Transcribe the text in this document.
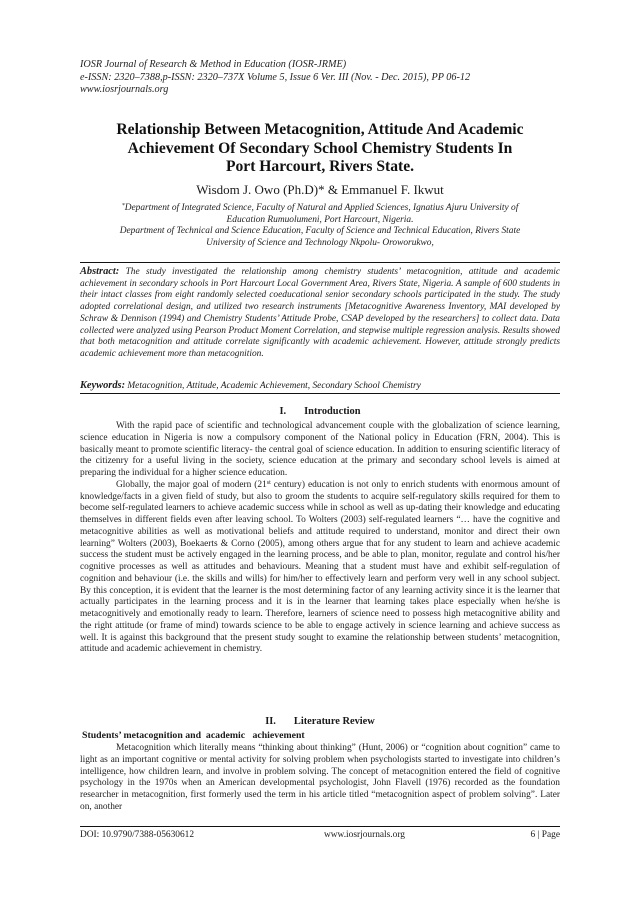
IOSR Journal of Research & Method in Education (IOSR-JRME)
e-ISSN: 2320–7388,p-ISSN: 2320–737X Volume 5, Issue 6 Ver. III (Nov. - Dec. 2015), PP 06-12
www.iosrjournals.org
Relationship Between Metacognition, Attitude And Academic
Achievement Of Secondary School Chemistry Students In
Port Harcourt, Rivers State.
Wisdom J. Owo (Ph.D)* & Emmanuel F. Ikwut
*Department of Integrated Science, Faculty of Natural and Applied Sciences, Ignatius Ajuru University of
Education Rumuolumeni, Port Harcourt, Nigeria.
Department of Technical and Science Education, Faculty of Science and Technical Education, Rivers State
University of Science and Technology Nkpolu- Oroworukwo,
Abstract: The study investigated the relationship among chemistry students’ metacognition, attitude and academic achievement in secondary schools in Port Harcourt Local Government Area, Rivers State, Nigeria. A sample of 600 students in their intact classes from eight randomly selected coeducational senior secondary schools participated in the study. The study adopted correlational design, and utilized two research instruments [Metacognitive Awareness Inventory, MAI developed by Schraw & Dennison (1994) and Chemistry Students’ Attitude Probe, CSAP developed by the researchers] to collect data. Data collected were analyzed using Pearson Product Moment Correlation, and stepwise multiple regression analysis. Results showed that both metacognition and attitude correlate significantly with academic achievement. However, attitude strongly predicts academic achievement more than metacognition.
Keywords: Metacognition, Attitude, Academic Achievement, Secondary School Chemistry
I. Introduction

With the rapid pace of scientific and technological advancement couple with the globalization of science learning, science education in Nigeria is now a compulsory component of the National policy in Education (FRN, 2004). This is basically meant to promote scientific literacy- the central goal of science education. In addition to ensuring scientific literacy of the citizenry for a useful living in the society, science education at the primary and secondary school levels is aimed at preparing the individual for a higher science education.

Globally, the major goal of modern (21st century) education is not only to enrich students with enormous amount of knowledge/facts in a given field of study, but also to groom the students to acquire self-regulatory skills required for them to become self-regulated learners to achieve academic success while in school as well as up-dating their knowledge and educating themselves in different fields even after leaving school. To Wolters (2003) self-regulated learners “… have the cognitive and metacognitive abilities as well as motivational beliefs and attitude required to understand, monitor and direct their own learning” Wolters (2003), Boekaerts & Corno (2005), among others argue that for any student to learn and achieve academic success the student must be actively engaged in the learning process, and be able to plan, monitor, regulate and control his/her cognitive processes as well as attitudes and behaviours. Meaning that a student must have and exhibit self-regulation of cognition and behaviour (i.e. the skills and wills) for him/her to effectively learn and perform very well in any school subject. By this conception, it is evident that the learner is the most determining factor of any learning activity since it is the learner that actually participates in the learning process and it is in the learner that learning takes place especially when he/she is metacognitively and emotionally ready to learn. Therefore, learners of science need to possess high metacognitive ability and the right attitude (or frame of mind) towards science to be able to engage actively in science learning and achieve success as well. It is against this background that the present study sought to examine the relationship between students’ metacognition, attitude and academic achievement in chemistry.

II. Literature Review
Students’ metacognition and  academic   achievement

Metacognition which literally means “thinking about thinking” (Hunt, 2006) or “cognition about cognition” came to light as an important cognitive or mental activity for solving problem when psychologists started to investigate into children’s intelligence, how children learn, and involve in problem solving. The concept of metacognition entered the field of cognitive psychology in the 1970s when an American developmental psychologist, John Flavell (1976) recorded as the foundation researcher in metacognition, first formerly used the term in his article titled “metacognition aspect of problem solving”. Later on, another

DOI: 10.9790/7388-05630612	www.iosrjournals.org	6 | Page
